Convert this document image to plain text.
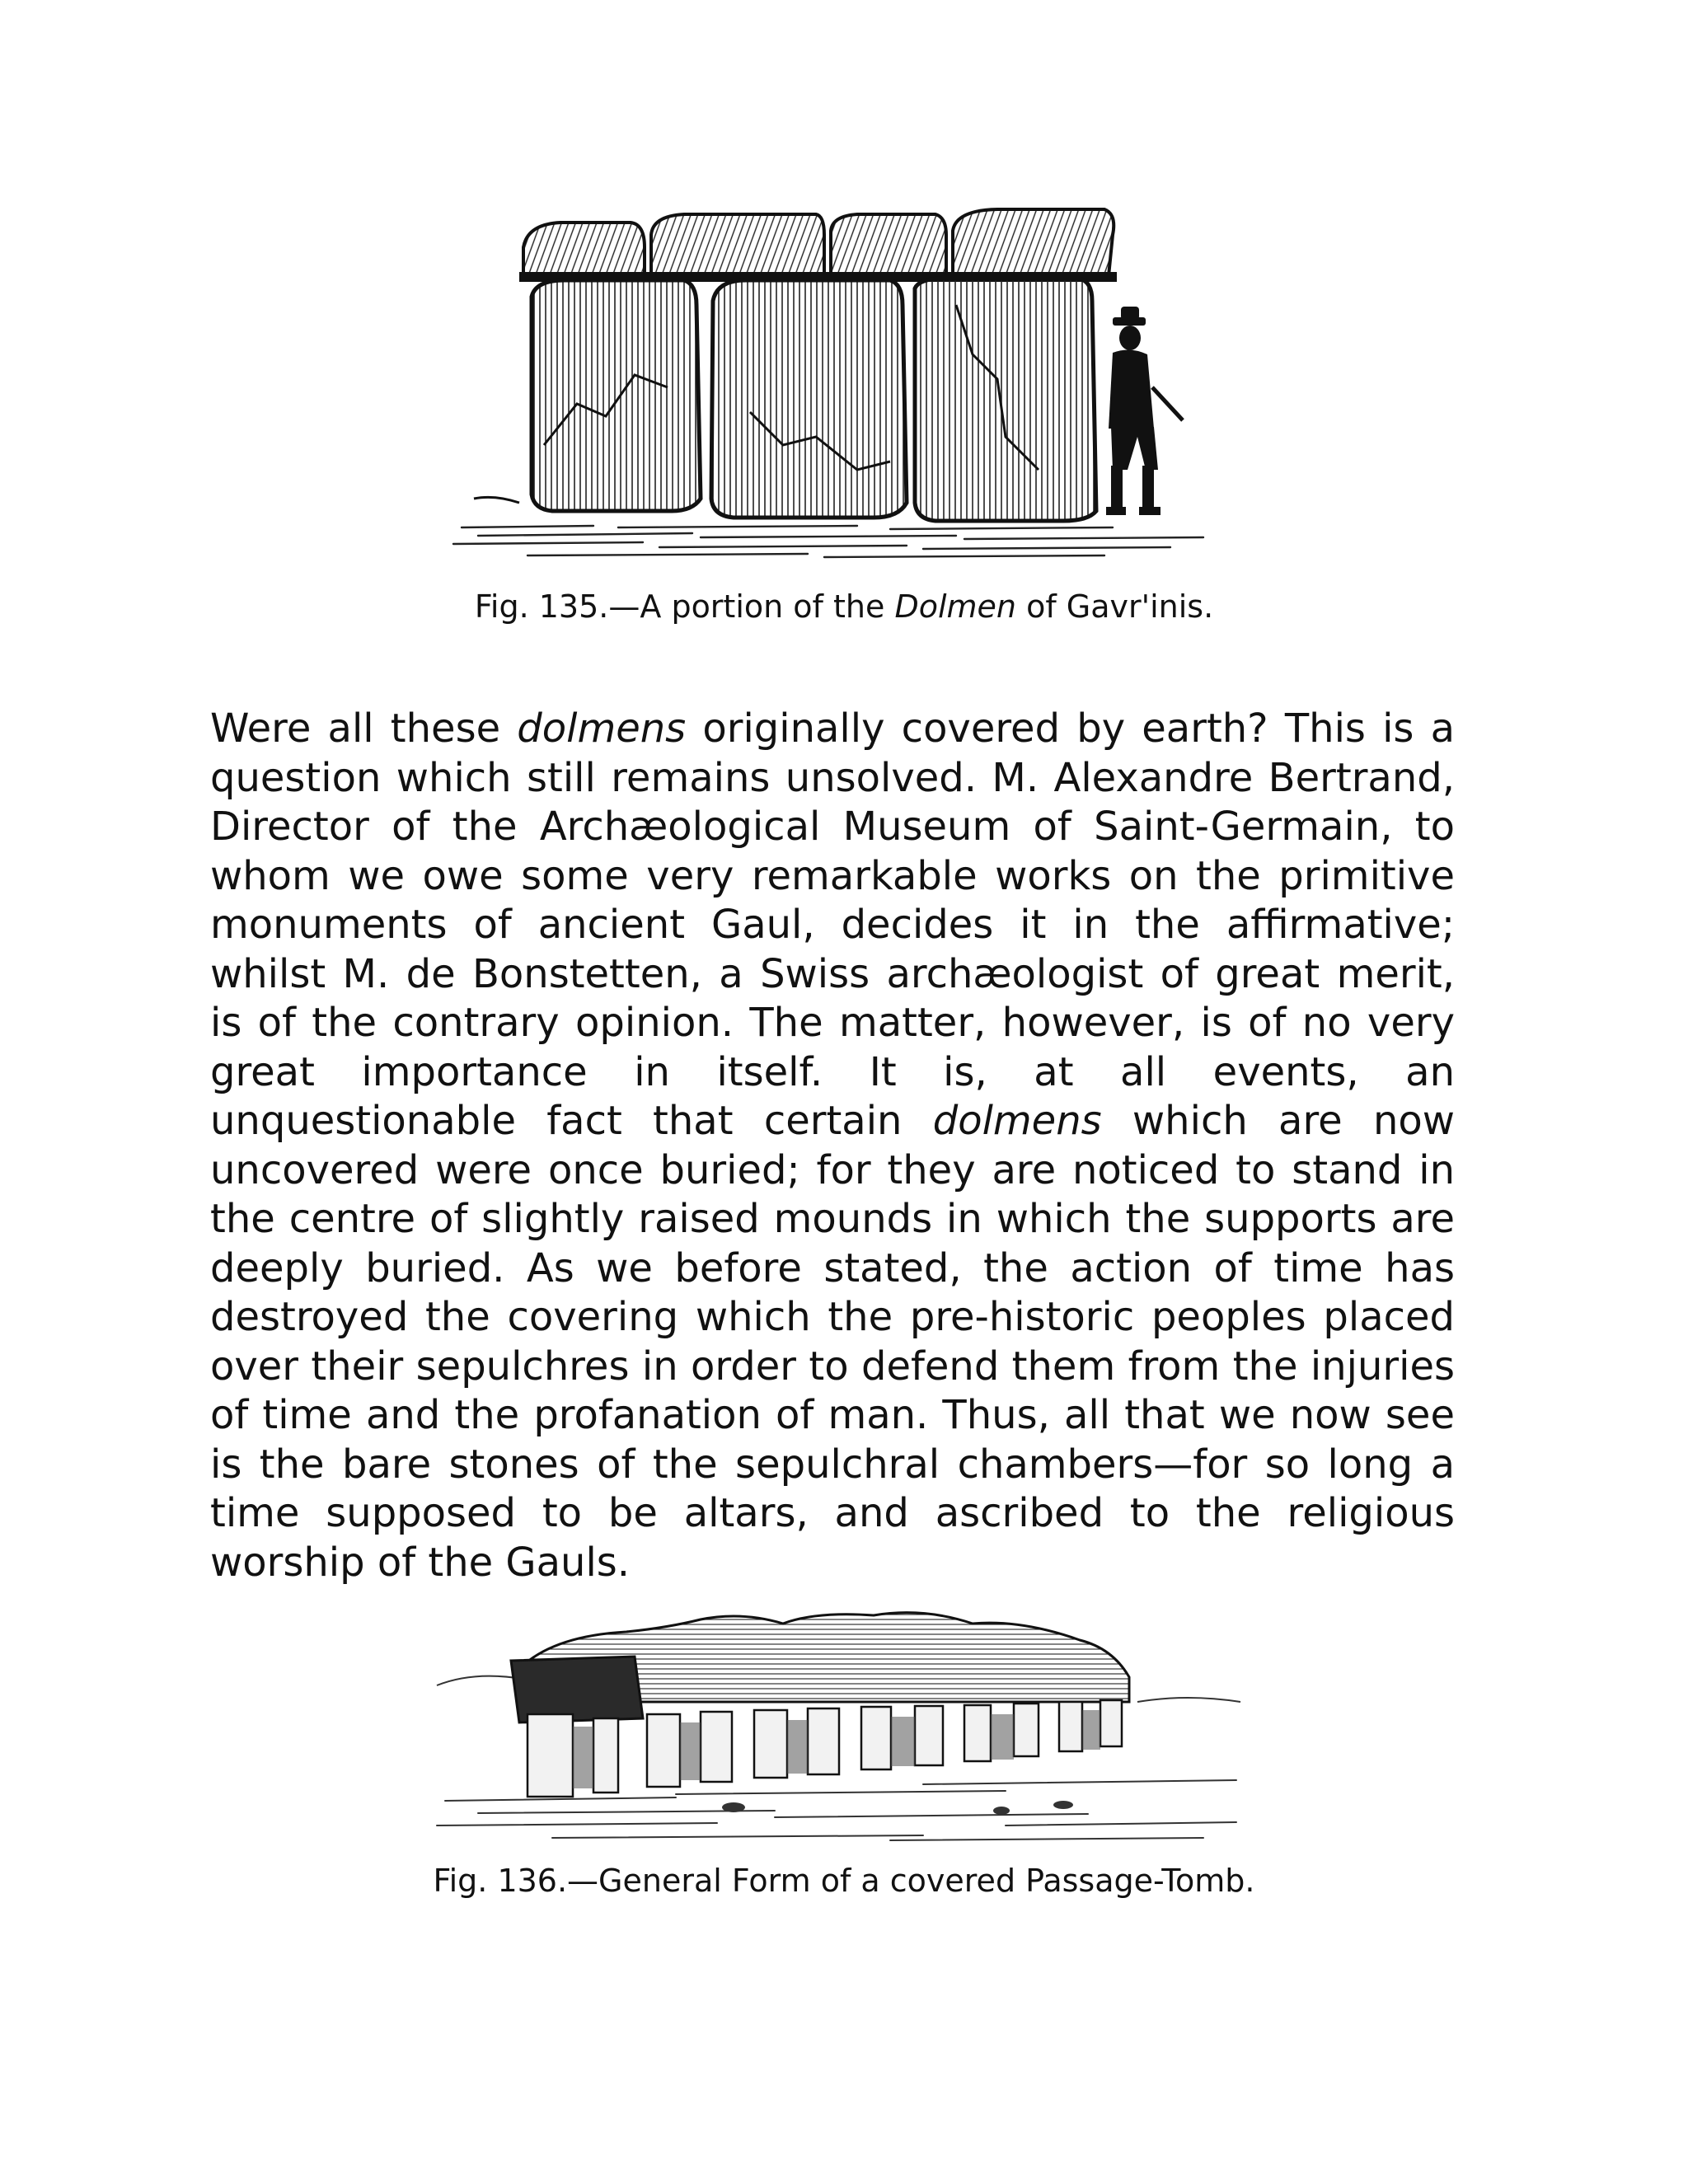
Fig. 135.—A portion of the Dolmen of Gavr'inis.

Were all these dolmens originally covered by earth? This is a question which still remains unsolved. M. Alexandre Bertrand, Director of the Archæological Museum of Saint-Germain, to whom we owe some very remarkable works on the primitive monuments of ancient Gaul, decides it in the affirmative; whilst M. de Bonstetten, a Swiss archæologist of great merit, is of the contrary opinion. The matter, however, is of no very great importance in itself. It is, at all events, an unquestionable fact that certain dolmens which are now uncovered were once buried; for they are noticed to stand in the centre of slightly raised mounds in which the supports are deeply buried. As we before stated, the action of time has destroyed the covering which the pre-historic peoples placed over their sepulchres in order to defend them from the injuries of time and the profanation of man. Thus, all that we now see is the bare stones of the sepulchral chambers—for so long a time supposed to be altars, and ascribed to the religious worship of the Gauls.

Fig. 136.—General Form of a covered Passage-Tomb.
